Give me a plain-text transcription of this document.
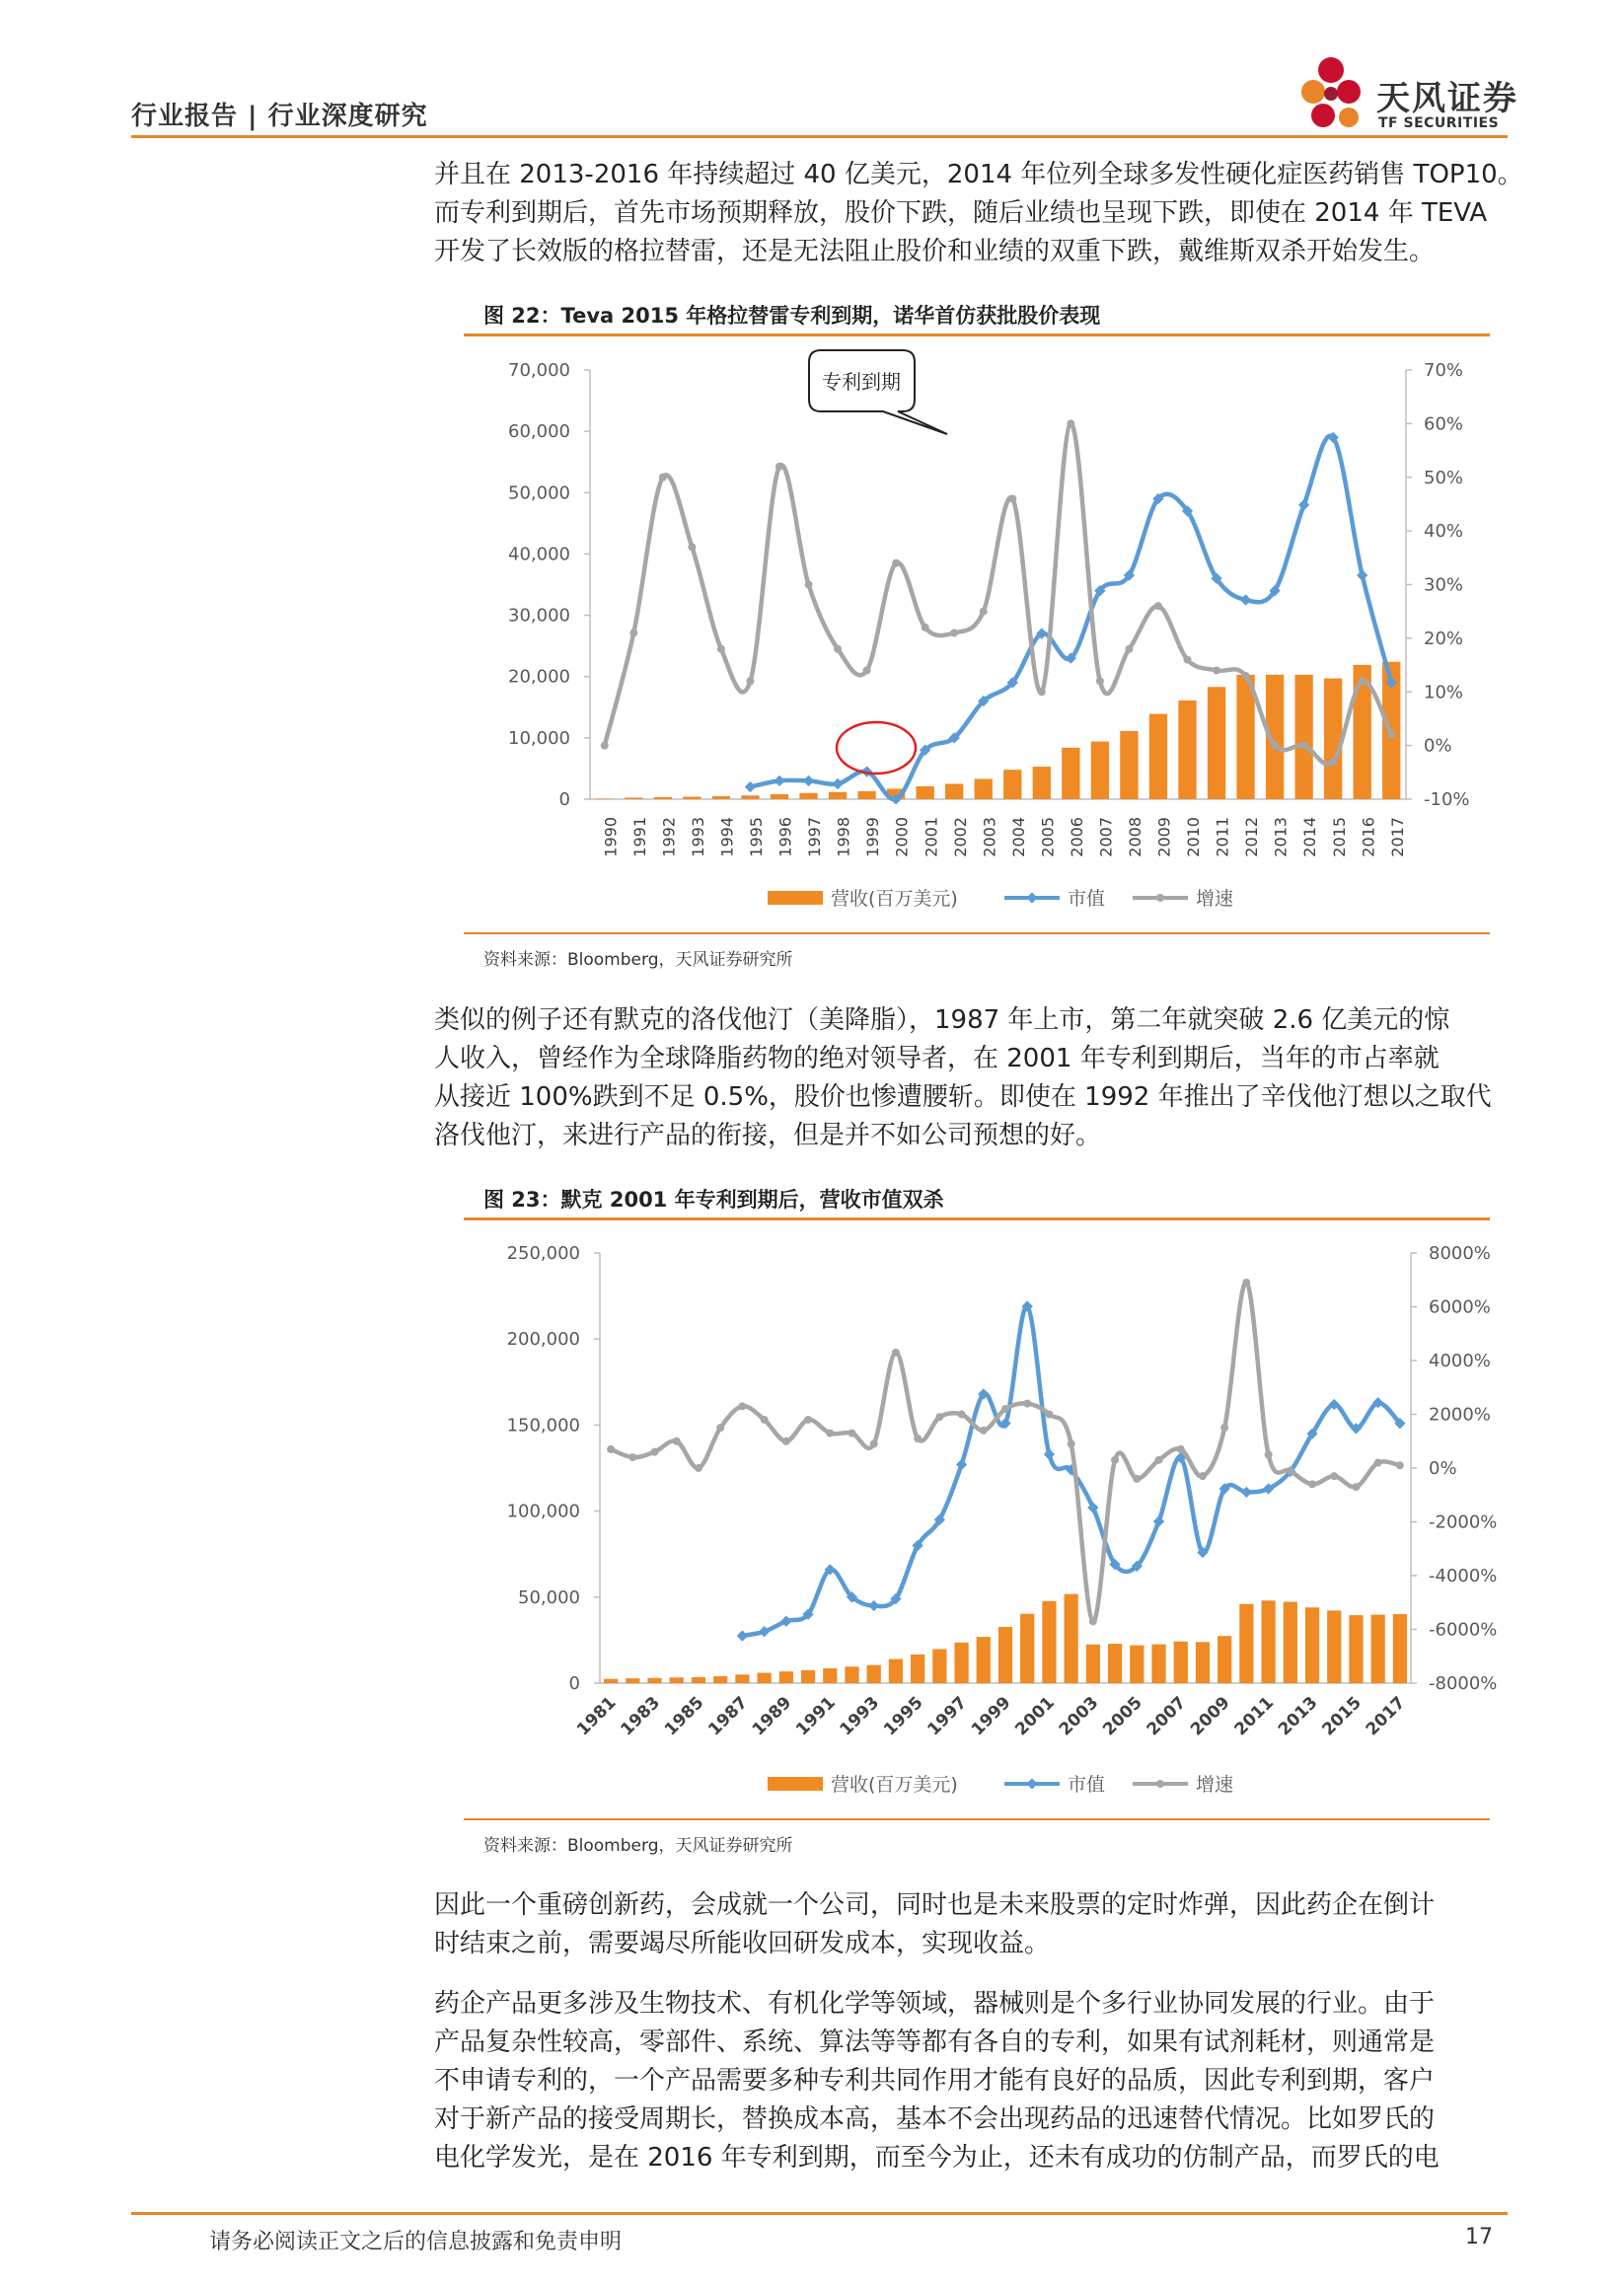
行业报告 | 行业深度研究	天风证券
TF SECURITIES
并且在 2013-2016 年持续超过 40 亿美元，2014 年位列全球多发性硬化症医药销售 TOP10。
而专利到期后，首先市场预期释放，股价下跌，随后业绩也呈现下跌，即使在 2014 年 TEVA
开发了长效版的格拉替雷，还是无法阻止股价和业绩的双重下跌，戴维斯双杀开始发生。
图 22：Teva 2015 年格拉替雷专利到期，诺华首仿获批股价表现
70,000
60,000
50,000
40,000
30,000
20,000
10,000
0
70%
60%
50%
40%
30%
20%
10%
0%
-10%
1990 1991 1992 1993 1994 1995 1996 1997 1998 1999 2000 2001 2002 2003 2004 2005 2006 2007 2008 2009 2010 2011 2012 2013 2014 2015 2016 2017
营收(百万美元)	市值	增速
专利到期
资料来源：Bloomberg，天风证券研究所
类似的例子还有默克的洛伐他汀（美降脂），1987 年上市，第二年就突破 2.6 亿美元的惊
人收入，曾经作为全球降脂药物的绝对领导者，在 2001 年专利到期后，当年的市占率就
从接近 100%跌到不足 0.5%，股价也惨遭腰斩。即使在 1992 年推出了辛伐他汀想以之取代
洛伐他汀，来进行产品的衔接，但是并不如公司预想的好。
图 23：默克 2001 年专利到期后，营收市值双杀
250,000
200,000
150,000
100,000
50,000
0
8000%
6000%
4000%
2000%
0%
-2000%
-4000%
-6000%
-8000%
1981
1983
1985
1987
1989
1991
1993
1995
1997
1999
2001
2003
2005
2007
2009
2011
2013
2015
2017
营收(百万美元)	市值	增速
资料来源：Bloomberg，天风证券研究所
因此一个重磅创新药，会成就一个公司，同时也是未来股票的定时炸弹，因此药企在倒计
时结束之前，需要竭尽所能收回研发成本，实现收益。
药企产品更多涉及生物技术、有机化学等领域，器械则是个多行业协同发展的行业。由于
产品复杂性较高，零部件、系统、算法等等都有各自的专利，如果有试剂耗材，则通常是
不申请专利的，一个产品需要多种专利共同作用才能有良好的品质，因此专利到期，客户
对于新产品的接受周期长，替换成本高，基本不会出现药品的迅速替代情况。比如罗氏的
电化学发光，是在 2016 年专利到期，而至今为止，还未有成功的仿制产品，而罗氏的电
请务必阅读正文之后的信息披露和免责申明	17
